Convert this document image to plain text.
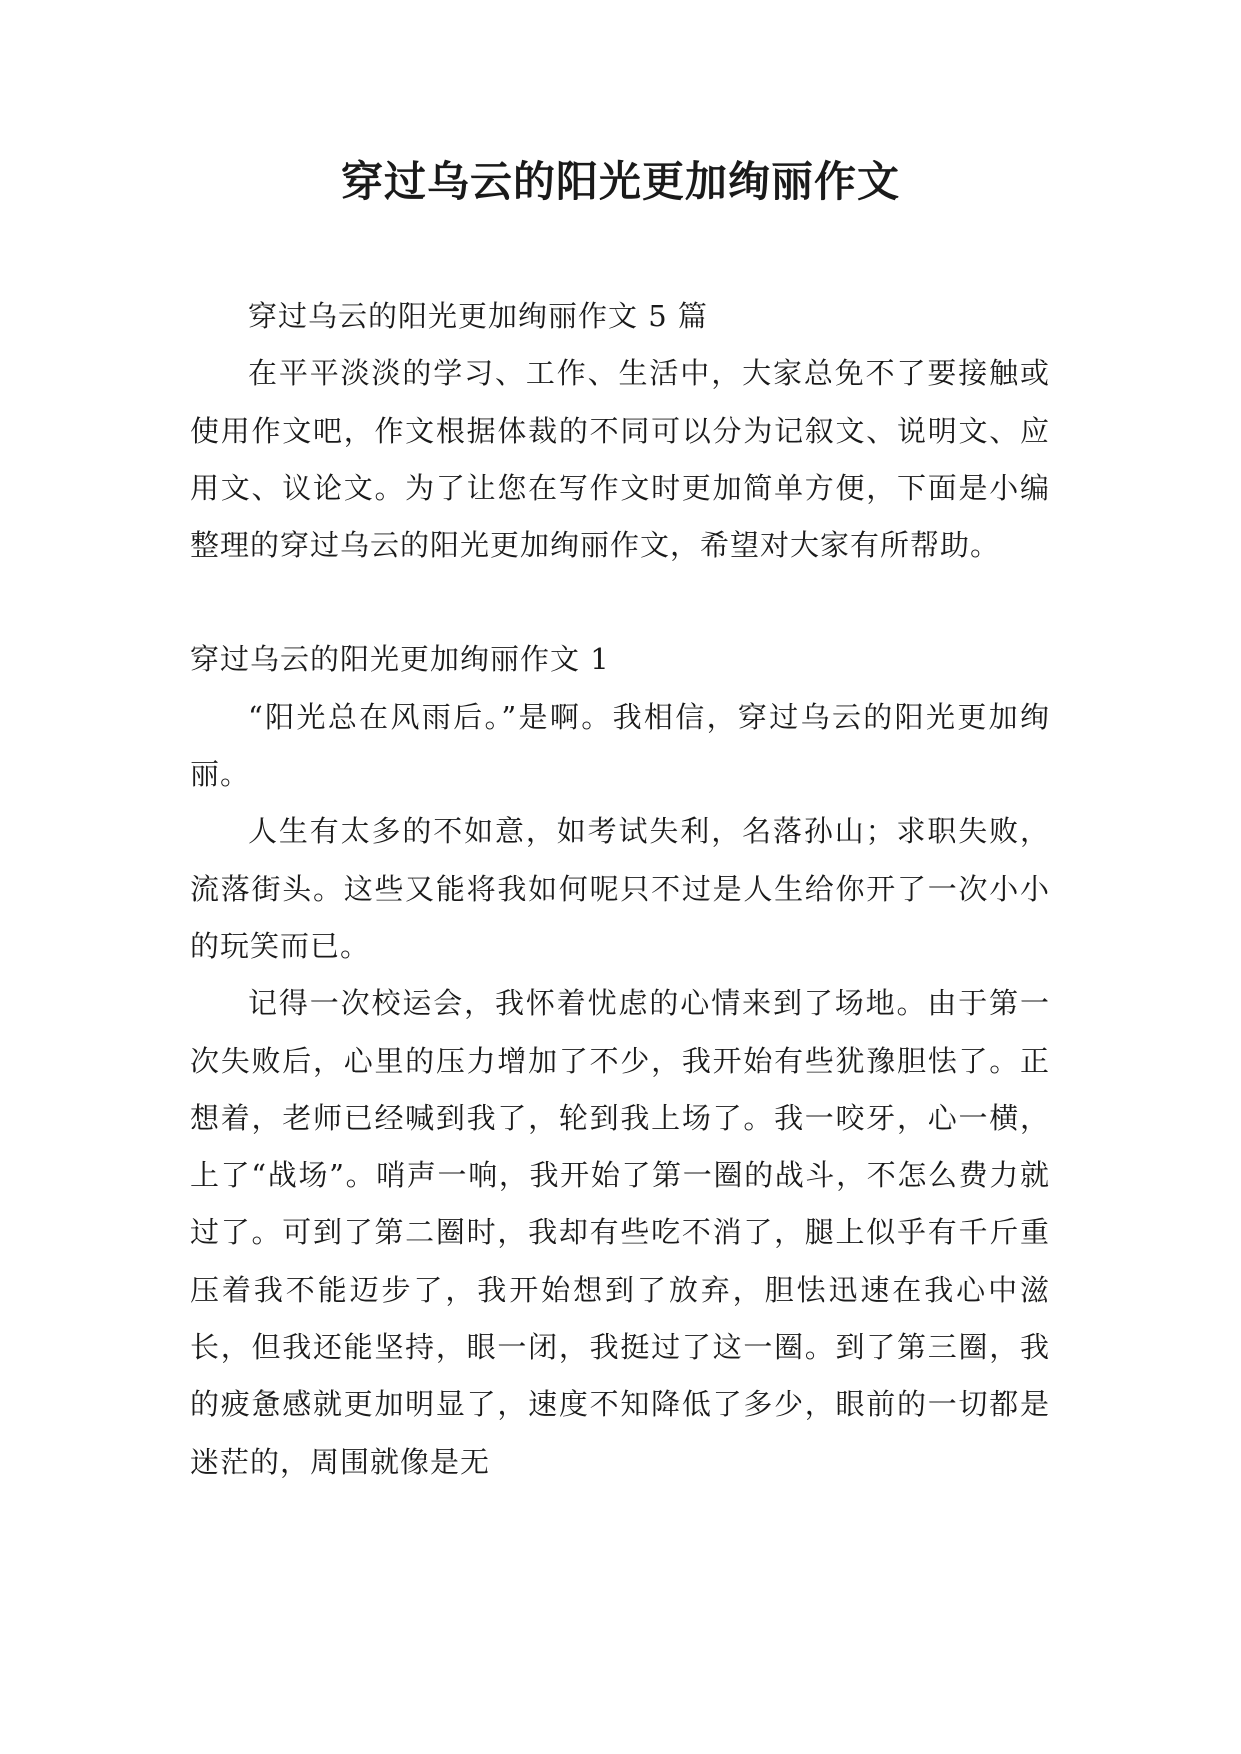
穿过乌云的阳光更加绚丽作文

穿过乌云的阳光更加绚丽作文 5 篇

在平平淡淡的学习、工作、生活中，大家总免不了要接触或使用作文吧，作文根据体裁的不同可以分为记叙文、说明文、应用文、议论文。为了让您在写作文时更加简单方便，下面是小编整理的穿过乌云的阳光更加绚丽作文，希望对大家有所帮助。

穿过乌云的阳光更加绚丽作文 1

“阳光总在风雨后。”是啊。我相信，穿过乌云的阳光更加绚丽。

人生有太多的不如意，如考试失利，名落孙山；求职失败，流落街头。这些又能将我如何呢只不过是人生给你开了一次小小的玩笑而已。

记得一次校运会，我怀着忧虑的心情来到了场地。由于第一次失败后，心里的压力增加了不少，我开始有些犹豫胆怯了。正想着，老师已经喊到我了，轮到我上场了。我一咬牙，心一横，上了“战场”。哨声一响，我开始了第一圈的战斗，不怎么费力就过了。可到了第二圈时，我却有些吃不消了，腿上似乎有千斤重压着我不能迈步了，我开始想到了放弃，胆怯迅速在我心中滋长，但我还能坚持，眼一闭，我挺过了这一圈。到了第三圈，我的疲惫感就更加明显了，速度不知降低了多少，眼前的一切都是迷茫的，周围就像是无
